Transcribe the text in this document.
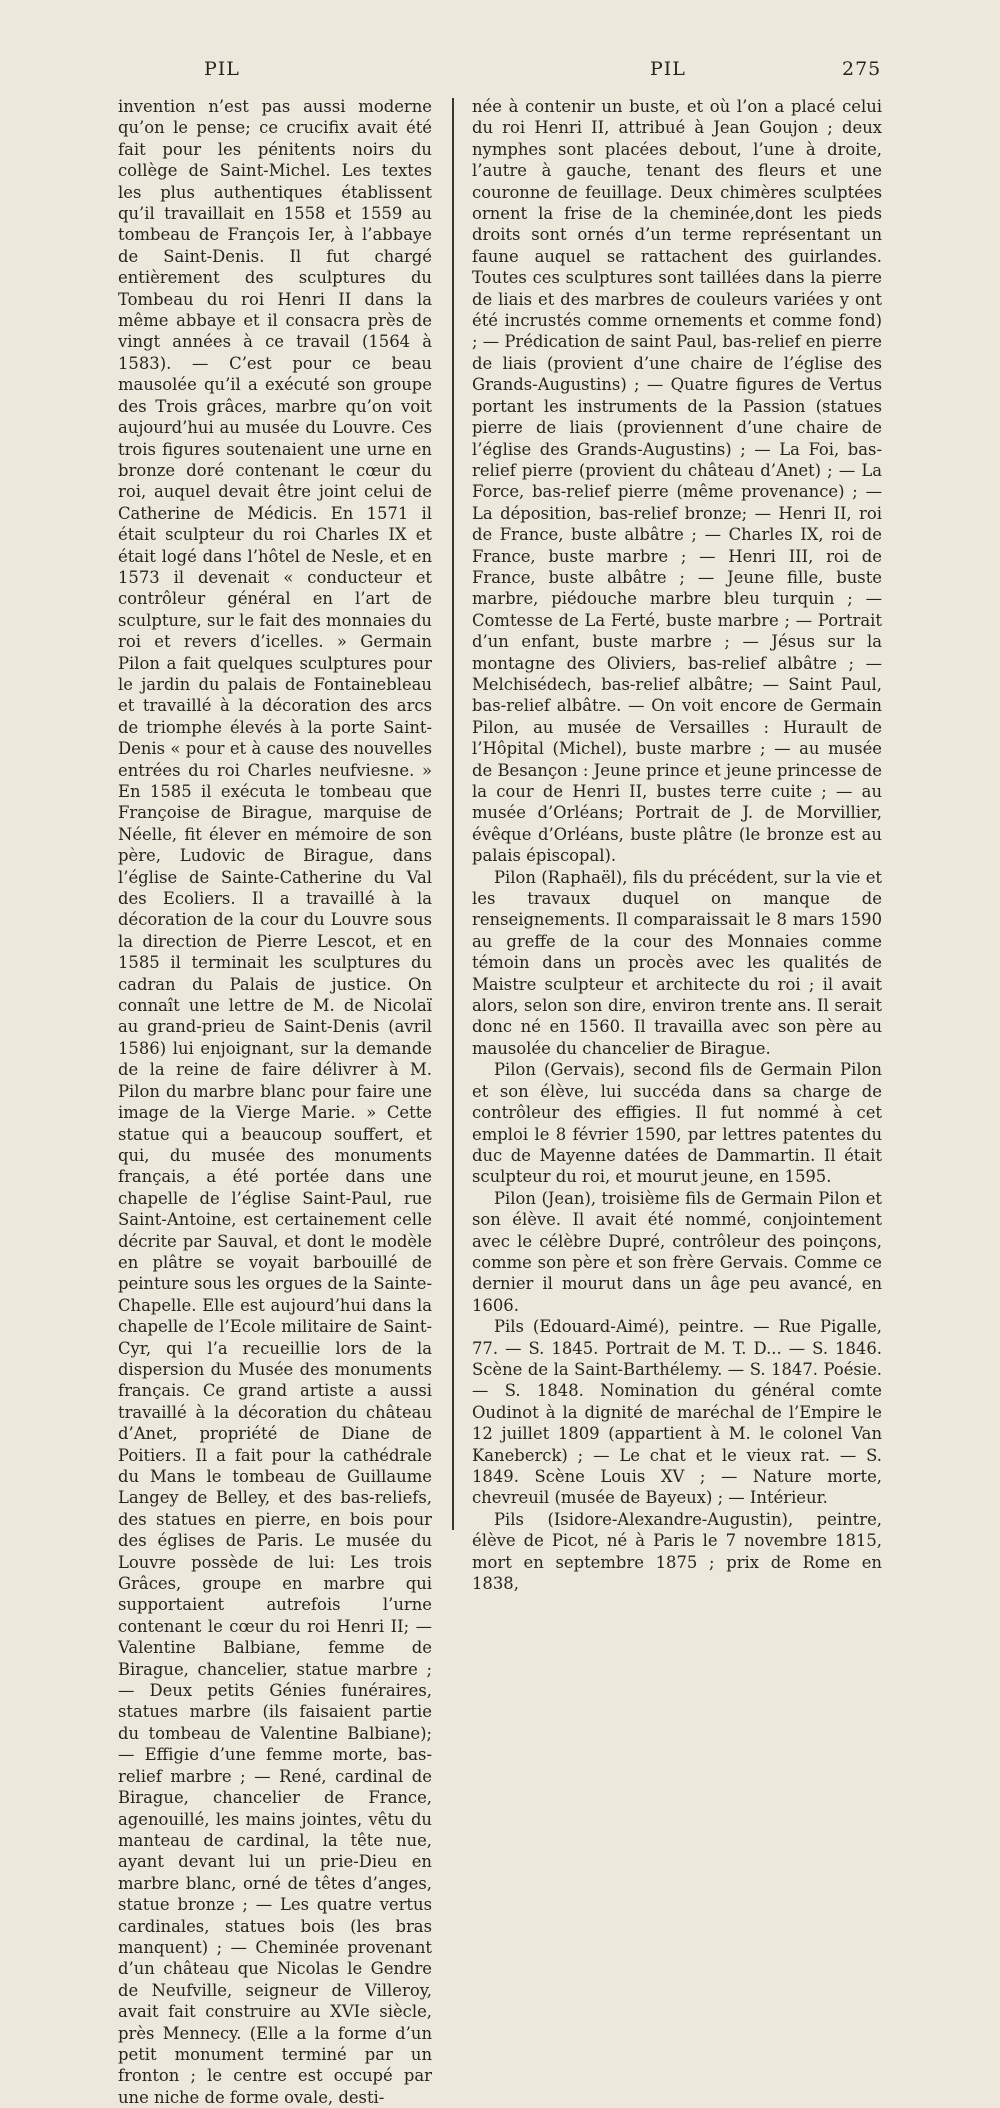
PIL	PIL	275

invention n’est pas aussi moderne qu’on le pense; ce crucifix avait été fait pour les pénitents noirs du collège de Saint-Michel. Les textes les plus authentiques établissent qu’il travaillait en 1558 et 1559 au tombeau de François Ier, à l’abbaye de Saint-Denis. Il fut chargé entièrement des sculptures du Tombeau du roi Henri II dans la même abbaye et il consacra près de vingt années à ce travail (1564 à 1583). — C’est pour ce beau mausolée qu’il a exécuté son groupe des Trois grâces, marbre qu’on voit aujourd’hui au musée du Louvre. Ces trois figures soutenaient une urne en bronze doré contenant le cœur du roi, auquel devait être joint celui de Catherine de Médicis. En 1571 il était sculpteur du roi Charles IX et était logé dans l’hôtel de Nesle, et en 1573 il devenait « conducteur et contrôleur général en l’art de sculpture, sur le fait des monnaies du roi et revers d’icelles. » Germain Pilon a fait quelques sculptures pour le jardin du palais de Fontainebleau et travaillé à la décoration des arcs de triomphe élevés à la porte Saint-Denis « pour et à cause des nouvelles entrées du roi Charles neufviesne. » En 1585 il exécuta le tombeau que Françoise de Birague, marquise de Néelle, fit élever en mémoire de son père, Ludovic de Birague, dans l’église de Sainte-Catherine du Val des Ecoliers. Il a travaillé à la décoration de la cour du Louvre sous la direction de Pierre Lescot, et en 1585 il terminait les sculptures du cadran du Palais de justice. On connaît une lettre de M. de Nicolaï au grand-prieu de Saint-Denis (avril 1586) lui enjoignant, sur la demande de la reine de faire délivrer à M. Pilon du marbre blanc pour faire une image de la Vierge Marie. » Cette statue qui a beaucoup souffert, et qui, du musée des monuments français, a été portée dans une chapelle de l’église Saint-Paul, rue Saint-Antoine, est certainement celle décrite par Sauval, et dont le modèle en plâtre se voyait barbouillé de peinture sous les orgues de la Sainte-Chapelle. Elle est aujourd’hui dans la chapelle de l’Ecole militaire de Saint-Cyr, qui l’a recueillie lors de la dispersion du Musée des monuments français. Ce grand artiste a aussi travaillé à la décoration du château d’Anet, propriété de Diane de Poitiers. Il a fait pour la cathédrale du Mans le tombeau de Guillaume Langey de Belley, et des bas-reliefs, des statues en pierre, en bois pour des églises de Paris. Le musée du Louvre possède de lui: Les trois Grâces, groupe en marbre qui supportaient autrefois l’urne contenant le cœur du roi Henri II; — Valentine Balbiane, femme de Birague, chancelier, statue marbre ; — Deux petits Génies funéraires, statues marbre (ils faisaient partie du tombeau de Valentine Balbiane); — Effigie d’une femme morte, bas-relief marbre ; — René, cardinal de Birague, chancelier de France, agenouillé, les mains jointes, vêtu du manteau de cardinal, la tête nue, ayant devant lui un prie-Dieu en marbre blanc, orné de têtes d’anges, statue bronze ; — Les quatre vertus cardinales, statues bois (les bras manquent) ; — Cheminée provenant d’un château que Nicolas le Gendre de Neufville, seigneur de Villeroy, avait fait construire au XVIe siècle, près Mennecy. (Elle a la forme d’un petit monument terminé par un fronton ; le centre est occupé par une niche de forme ovale, desti-

née à contenir un buste, et où l’on a placé celui du roi Henri II, attribué à Jean Goujon ; deux nymphes sont placées debout, l’une à droite, l’autre à gauche, tenant des fleurs et une couronne de feuillage. Deux chimères sculptées ornent la frise de la cheminée,dont les pieds droits sont ornés d’un terme représentant un faune auquel se rattachent des guirlandes. Toutes ces sculptures sont taillées dans la pierre de liais et des marbres de couleurs variées y ont été incrustés comme ornements et comme fond) ; — Prédication de saint Paul, bas-relief en pierre de liais (provient d’une chaire de l’église des Grands-Augustins) ; — Quatre figures de Vertus portant les instruments de la Passion (statues pierre de liais (proviennent d’une chaire de l’église des Grands-Augustins) ; — La Foi, bas-relief pierre (provient du château d’Anet) ; — La Force, bas-relief pierre (même provenance) ; — La déposition, bas-relief bronze; — Henri II, roi de France, buste albâtre ; — Charles IX, roi de France, buste marbre ; — Henri III, roi de France, buste albâtre ; — Jeune fille, buste marbre, piédouche marbre bleu turquin ; — Comtesse de La Ferté, buste marbre ; — Portrait d’un enfant, buste marbre ; — Jésus sur la montagne des Oliviers, bas-relief albâtre ; — Melchisédech, bas-relief albâtre; — Saint Paul, bas-relief albâtre. — On voit encore de Germain Pilon, au musée de Versailles : Hurault de l’Hôpital (Michel), buste marbre ; — au musée de Besançon : Jeune prince et jeune princesse de la cour de Henri II, bustes terre cuite ; — au musée d’Orléans; Portrait de J. de Morvillier, évêque d’Orléans, buste plâtre (le bronze est au palais épiscopal).

Pilon (Raphaël), fils du précédent, sur la vie et les travaux duquel on manque de renseignements. Il comparaissait le 8 mars 1590 au greffe de la cour des Monnaies comme témoin dans un procès avec les qualités de Maistre sculpteur et architecte du roi ; il avait alors, selon son dire, environ trente ans. Il serait donc né en 1560. Il travailla avec son père au mausolée du chancelier de Birague.

Pilon (Gervais), second fils de Germain Pilon et son élève, lui succéda dans sa charge de contrôleur des effigies. Il fut nommé à cet emploi le 8 février 1590, par lettres patentes du duc de Mayenne datées de Dammartin. Il était sculpteur du roi, et mourut jeune, en 1595.

Pilon (Jean), troisième fils de Germain Pilon et son élève. Il avait été nommé, conjointement avec le célèbre Dupré, contrôleur des poinçons, comme son père et son frère Gervais. Comme ce dernier il mourut dans un âge peu avancé, en 1606.

Pils (Edouard-Aimé), peintre. — Rue Pigalle, 77. — S. 1845. Portrait de M. T. D... — S. 1846. Scène de la Saint-Barthélemy. — S. 1847. Poésie. — S. 1848. Nomination du général comte Oudinot à la dignité de maréchal de l’Empire le 12 juillet 1809 (appartient à M. le colonel Van Kaneberck) ; — Le chat et le vieux rat. — S. 1849. Scène Louis XV ; — Nature morte, chevreuil (musée de Bayeux) ; — Intérieur.

Pils (Isidore-Alexandre-Augustin), peintre, élève de Picot, né à Paris le 7 novembre 1815, mort en septembre 1875 ; prix de Rome en 1838,
